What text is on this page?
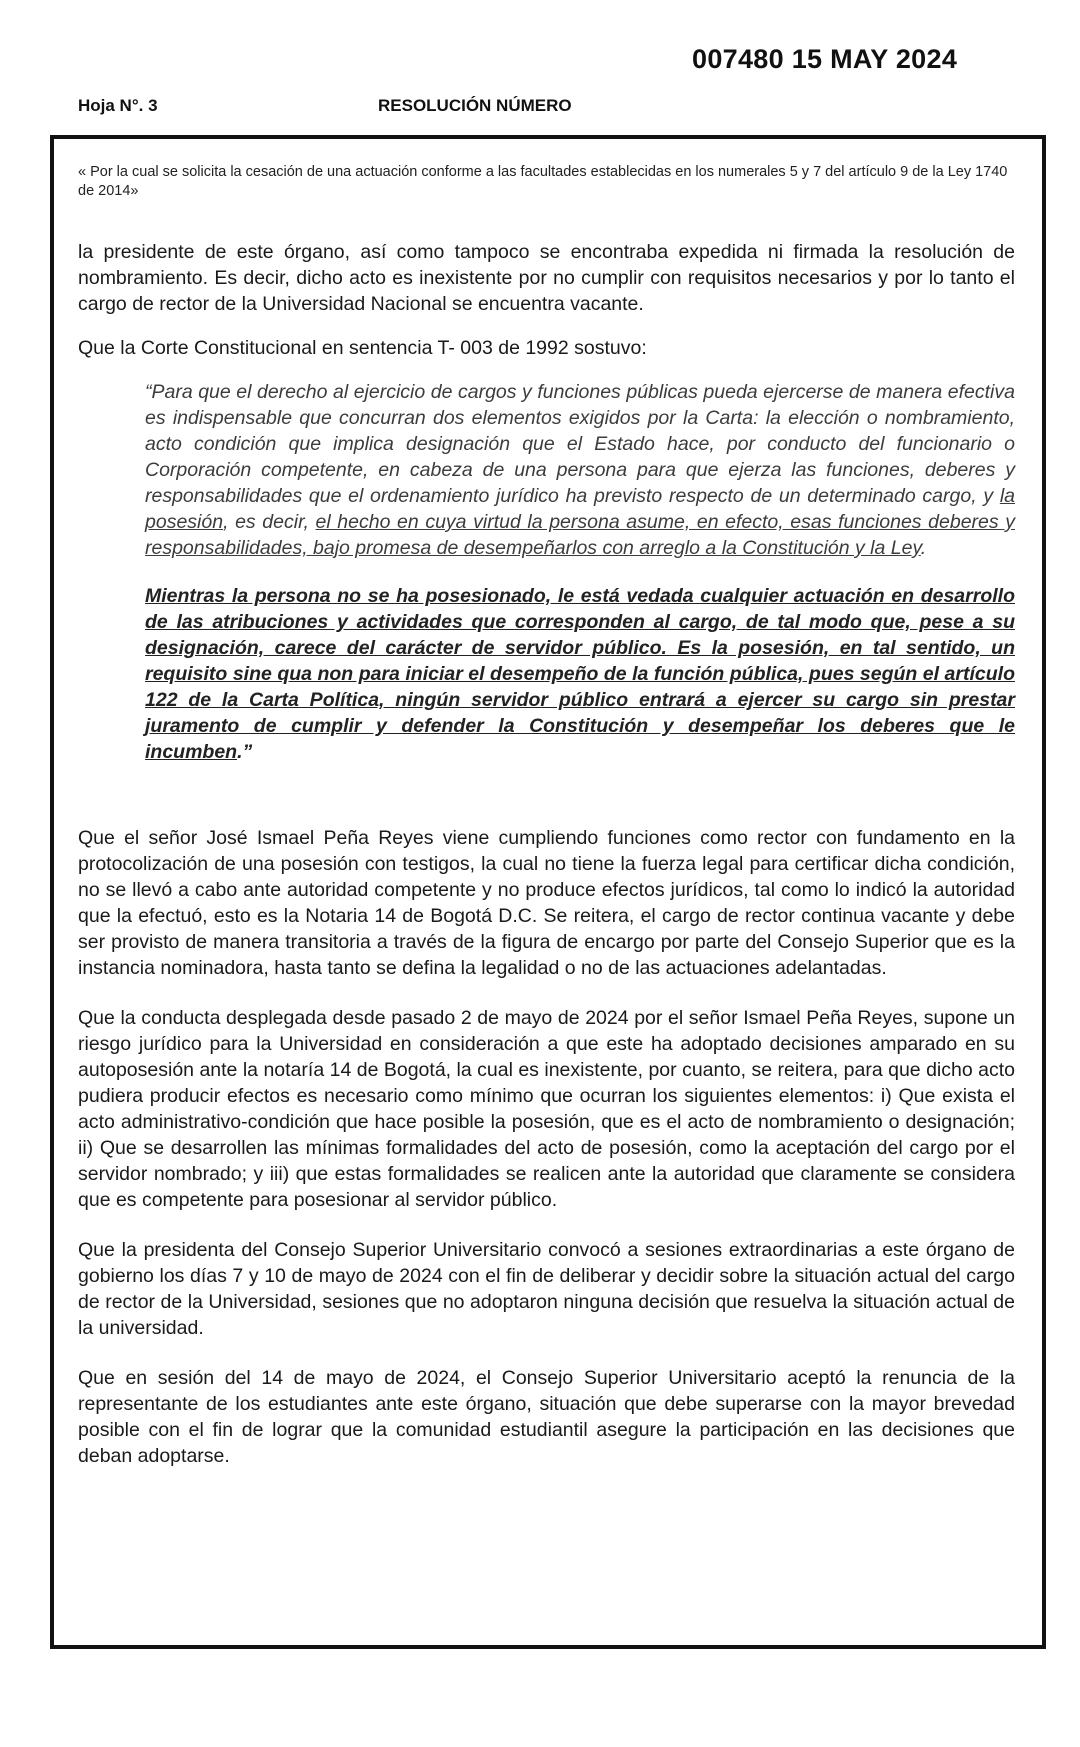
007480 15 MAY 2024
Hoja N°. 3	RESOLUCIÓN NÚMERO

« Por la cual se solicita la cesación de una actuación conforme a las facultades establecidas en los numerales 5 y 7 del artículo 9 de la Ley 1740 de 2014»

la presidente de este órgano, así como tampoco se encontraba expedida ni firmada la resolución de nombramiento. Es decir, dicho acto es inexistente por no cumplir con requisitos necesarios y por lo tanto el cargo de rector de la Universidad Nacional se encuentra vacante.

Que la Corte Constitucional en sentencia T- 003 de 1992 sostuvo:

“Para que el derecho al ejercicio de cargos y funciones públicas pueda ejercerse de manera efectiva es indispensable que concurran dos elementos exigidos por la Carta: la elección o nombramiento, acto condición que implica designación que el Estado hace, por conducto del funcionario o Corporación competente, en cabeza de una persona para que ejerza las funciones, deberes y responsabilidades que el ordenamiento jurídico ha previsto respecto de un determinado cargo, y la posesión, es decir, el hecho en cuya virtud la persona asume, en efecto, esas funciones deberes y responsabilidades, bajo promesa de desempeñarlos con arreglo a la Constitución y la Ley.

Mientras la persona no se ha posesionado, le está vedada cualquier actuación en desarrollo de las atribuciones y actividades que corresponden al cargo, de tal modo que, pese a su designación, carece del carácter de servidor público. Es la posesión, en tal sentido, un requisito sine qua non para iniciar el desempeño de la función pública, pues según el artículo 122 de la Carta Política, ningún servidor público entrará a ejercer su cargo sin prestar juramento de cumplir y defender la Constitución y desempeñar los deberes que le incumben.”

Que el señor José Ismael Peña Reyes viene cumpliendo funciones como rector con fundamento en la protocolización de una posesión con testigos, la cual no tiene la fuerza legal para certificar dicha condición, no se llevó a cabo ante autoridad competente y no produce efectos jurídicos, tal como lo indicó la autoridad que la efectuó, esto es la Notaria 14 de Bogotá D.C. Se reitera, el cargo de rector continua vacante y debe ser provisto de manera transitoria a través de la figura de encargo por parte del Consejo Superior que es la instancia nominadora, hasta tanto se defina la legalidad o no de las actuaciones adelantadas.

Que la conducta desplegada desde pasado 2 de mayo de 2024 por el señor Ismael Peña Reyes, supone un riesgo jurídico para la Universidad en consideración a que este ha adoptado decisiones amparado en su autoposesión ante la notaría 14 de Bogotá, la cual es inexistente, por cuanto, se reitera, para que dicho acto pudiera producir efectos es necesario como mínimo que ocurran los siguientes elementos: i) Que exista el acto administrativo-condición que hace posible la posesión, que es el acto de nombramiento o designación; ii) Que se desarrollen las mínimas formalidades del acto de posesión, como la aceptación del cargo por el servidor nombrado; y iii) que estas formalidades se realicen ante la autoridad que claramente se considera que es competente para posesionar al servidor público.

Que la presidenta del Consejo Superior Universitario convocó a sesiones extraordinarias a este órgano de gobierno los días 7 y 10 de mayo de 2024 con el fin de deliberar y decidir sobre la situación actual del cargo de rector de la Universidad, sesiones que no adoptaron ninguna decisión que resuelva la situación actual de la universidad.

Que en sesión del 14 de mayo de 2024, el Consejo Superior Universitario aceptó la renuncia de la representante de los estudiantes ante este órgano, situación que debe superarse con la mayor brevedad posible con el fin de lograr que la comunidad estudiantil asegure la participación en las decisiones que deban adoptarse.
